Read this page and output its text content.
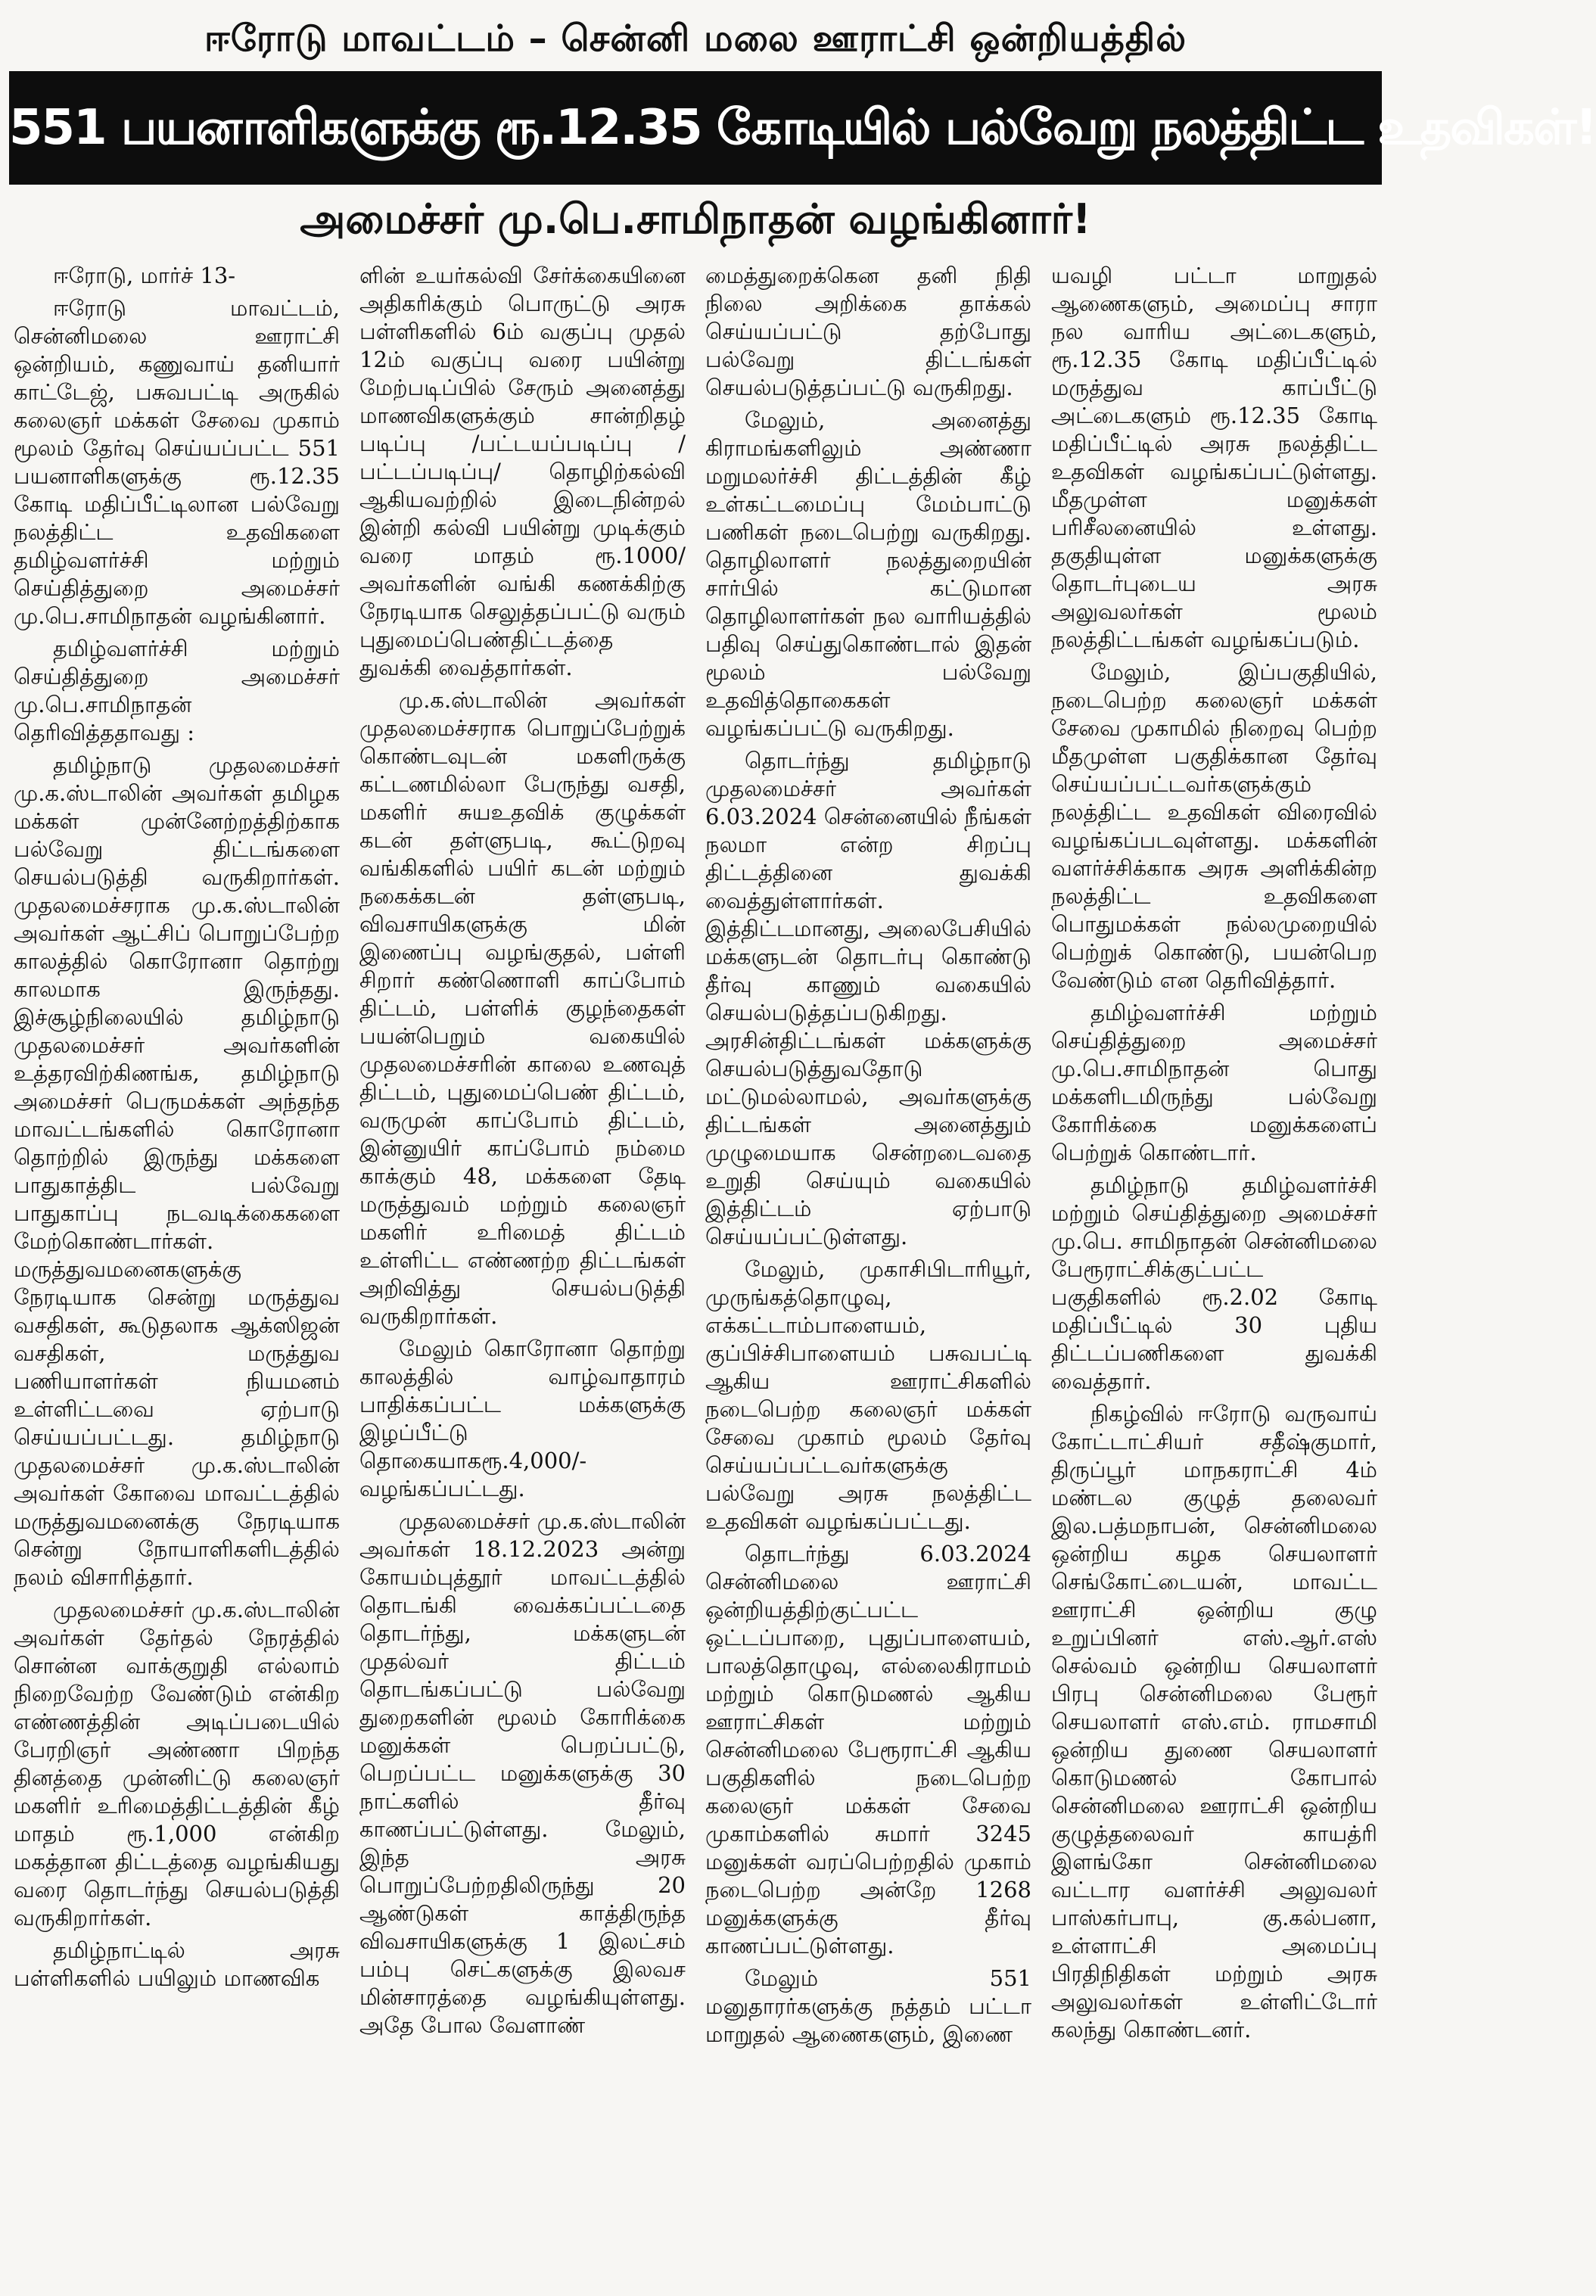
ஈரோடு மாவட்டம் – சென்னி மலை ஊராட்சி ஒன்றியத்தில்
551 பயனாளிகளுக்கு ரூ.12.35 கோடியில் பல்வேறு நலத்திட்ட உதவிகள்!
அமைச்சர் மு.பெ.சாமிநாதன் வழங்கினார்!

ஈரோடு, மார்ச் 13-

ஈரோடு மாவட்டம், சென்னிமலை ஊராட்சி ஒன்றியம், கணுவாய் தனியார் காட்டேஜ், பசுவபட்டி அருகில் கலைஞர் மக்கள் சேவை முகாம் மூலம் தேர்வு செய்யப்பட்ட 551 பயனாளிகளுக்கு ரூ.12.35 கோடி மதிப்பீட்டிலான பல்வேறு நலத்திட்ட உதவிகளை தமிழ்வளர்ச்சி மற்றும் செய்தித்துறை அமைச்சர் மு.பெ.சாமிநாதன் வழங்கினார்.

தமிழ்வளர்ச்சி மற்றும் செய்தித்துறை அமைச்சர் மு.பெ.சாமிநாதன் தெரிவித்ததாவது :

தமிழ்நாடு முதலமைச்சர் மு.க.ஸ்டாலின் அவர்கள் தமிழக மக்கள் முன்னேற்றத்திற்காக பல்வேறு திட்டங்களை செயல்படுத்தி வருகிறார்கள். முதலமைச்சராக மு.க.ஸ்டாலின் அவர்கள் ஆட்சிப் பொறுப்பேற்ற காலத்தில் கொரோனா தொற்று காலமாக இருந்தது. இச்சூழ்நிலையில் தமிழ்நாடு முதலமைச்சர் அவர்களின் உத்தரவிற்கிணங்க, தமிழ்நாடு அமைச்சர் பெருமக்கள் அந்தந்த மாவட்டங்களில் கொரோனா தொற்றில் இருந்து மக்களை பாதுகாத்திட பல்வேறு பாதுகாப்பு நடவடிக்கைகளை மேற்கொண்டார்கள். மருத்துவமனைகளுக்கு நேரடியாக சென்று மருத்துவ வசதிகள், கூடுதலாக ஆக்ஸிஜன் வசதிகள், மருத்துவ பணியாளர்கள் நியமனம் உள்ளிட்டவை ஏற்பாடு செய்யப்பட்டது. தமிழ்நாடு முதலமைச்சர் மு.க.ஸ்டாலின் அவர்கள் கோவை மாவட்டத்தில் மருத்துவமனைக்கு நேரடியாக சென்று நோயாளிகளிடத்தில் நலம் விசாரித்தார்.

முதலமைச்சர் மு.க.ஸ்டாலின் அவர்கள் தேர்தல் நேரத்தில் சொன்ன வாக்குறுதி எல்லாம் நிறைவேற்ற வேண்டும் என்கிற எண்ணத்தின் அடிப்படையில் பேரறிஞர் அண்ணா பிறந்த தினத்தை முன்னிட்டு கலைஞர் மகளிர் உரிமைத்திட்டத்தின் கீழ் மாதம் ரூ.1,000 என்கிற மகத்தான திட்டத்தை வழங்கியது வரை தொடர்ந்து செயல்படுத்தி வருகிறார்கள்.

தமிழ்நாட்டில் அரசு பள்ளிகளில் பயிலும் மாணவிக

ளின் உயர்கல்வி சேர்க்கையினை அதிகரிக்கும் பொருட்டு அரசு பள்ளிகளில் 6ம் வகுப்பு முதல் 12ம் வகுப்பு வரை பயின்று மேற்படிப்பில் சேரும் அனைத்து மாணவிகளுக்கும் சான்றிதழ் படிப்பு /பட்டயப்படிப்பு / பட்டப்படிப்பு/ தொழிற்கல்வி ஆகியவற்றில் இடைநின்றல் இன்றி கல்வி பயின்று முடிக்கும் வரை மாதம் ரூ.1000/ அவர்களின் வங்கி கணக்கிற்கு நேரடியாக செலுத்தப்பட்டு வரும் புதுமைப்பெண்திட்டத்தை துவக்கி வைத்தார்கள்.

மு.க.ஸ்டாலின் அவர்கள் முதலமைச்சராக பொறுப்பேற்றுக் கொண்டவுடன் மகளிருக்கு கட்டணமில்லா பேருந்து வசதி, மகளிர் சுயஉதவிக் குழுக்கள் கடன் தள்ளுபடி, கூட்டுறவு வங்கிகளில் பயிர் கடன் மற்றும் நகைக்கடன் தள்ளுபடி, விவசாயிகளுக்கு மின் இணைப்பு வழங்குதல், பள்ளி சிறார் கண்ணொளி காப்போம் திட்டம், பள்ளிக் குழந்தைகள் பயன்பெறும் வகையில் முதலமைச்சரின் காலை உணவுத் திட்டம், புதுமைப்பெண் திட்டம், வருமுன் காப்போம் திட்டம், இன்னுயிர் காப்போம் நம்மை காக்கும் 48, மக்களை தேடி மருத்துவம் மற்றும் கலைஞர் மகளிர் உரிமைத் திட்டம் உள்ளிட்ட எண்ணற்ற திட்டங்கள் அறிவித்து செயல்படுத்தி வருகிறார்கள்.

மேலும் கொரோனா தொற்று காலத்தில் வாழ்வாதாரம் பாதிக்கப்பட்ட மக்களுக்கு இழப்பீட்டு தொகையாகரூ.4,000/- வழங்கப்பட்டது.

முதலமைச்சர் மு.க.ஸ்டாலின் அவர்கள் 18.12.2023 அன்று கோயம்புத்தூர் மாவட்டத்தில் தொடங்கி வைக்கப்பட்டதை தொடர்ந்து, மக்களுடன் முதல்வர் திட்டம் தொடங்கப்பட்டு பல்வேறு துறைகளின் மூலம் கோரிக்கை மனுக்கள் பெறப்பட்டு, பெறப்பட்ட மனுக்களுக்கு 30 நாட்களில் தீர்வு காணப்பட்டுள்ளது. மேலும், இந்த அரசு பொறுப்பேற்றதிலிருந்து 20 ஆண்டுகள் காத்திருந்த விவசாயிகளுக்கு 1 இலட்சம் பம்பு செட்களுக்கு இலவச மின்சாரத்தை வழங்கியுள்ளது. அதே போல வேளாண்

மைத்துறைக்கென தனி நிதி நிலை அறிக்கை தாக்கல் செய்யப்பட்டு தற்போது பல்வேறு திட்டங்கள் செயல்படுத்தப்பட்டு வருகிறது.

மேலும், அனைத்து கிராமங்களிலும் அண்ணா மறுமலர்ச்சி திட்டத்தின் கீழ் உள்கட்டமைப்பு மேம்பாட்டு பணிகள் நடைபெற்று வருகிறது. தொழிலாளர் நலத்துறையின் சார்பில் கட்டுமான தொழிலாளர்கள் நல வாரியத்தில் பதிவு செய்துகொண்டால் இதன் மூலம் பல்வேறு உதவித்தொகைகள் வழங்கப்பட்டு வருகிறது.

தொடர்ந்து தமிழ்நாடு முதலமைச்சர் அவர்கள் 6.03.2024 சென்னையில் நீங்கள் நலமா என்ற சிறப்பு திட்டத்தினை துவக்கி வைத்துள்ளார்கள். இத்திட்டமானது, அலைபேசியில் மக்களுடன் தொடர்பு கொண்டு தீர்வு காணும் வகையில் செயல்படுத்தப்படுகிறது. அரசின்திட்டங்கள் மக்களுக்கு செயல்படுத்துவதோடு மட்டுமல்லாமல், அவர்களுக்கு திட்டங்கள் அனைத்தும் முழுமையாக சென்றடைவதை உறுதி செய்யும் வகையில் இத்திட்டம் ஏற்பாடு செய்யப்பட்டுள்ளது.

மேலும், முகாசிபிடாரியூர், முருங்கத்தொழுவு, எக்கட்டாம்பாளையம், குப்பிச்சிபாளையம் பசுவபட்டி ஆகிய ஊராட்சிகளில் நடைபெற்ற கலைஞர் மக்கள் சேவை முகாம் மூலம் தேர்வு செய்யப்பட்டவர்களுக்கு பல்வேறு அரசு நலத்திட்ட உதவிகள் வழங்கப்பட்டது.

தொடர்ந்து 6.03.2024 சென்னிமலை ஊராட்சி ஒன்றியத்திற்குட்பட்ட ஒட்டப்பாறை, புதுப்பாளையம், பாலத்தொழுவு, எல்லைகிராமம் மற்றும் கொடுமணல் ஆகிய ஊராட்சிகள் மற்றும் சென்னிமலை பேரூராட்சி ஆகிய பகுதிகளில் நடைபெற்ற கலைஞர் மக்கள் சேவை முகாம்களில் சுமார் 3245 மனுக்கள் வரப்பெற்றதில் முகாம் நடைபெற்ற அன்றே 1268 மனுக்களுக்கு தீர்வு காணப்பட்டுள்ளது.

மேலும் 551 மனுதாரர்களுக்கு நத்தம் பட்டா மாறுதல் ஆணைகளும், இணை

யவழி பட்டா மாறுதல் ஆணைகளும், அமைப்பு சாரா நல வாரிய அட்டைகளும், ரூ.12.35 கோடி மதிப்பீட்டில் மருத்துவ காப்பீட்டு அட்டைகளும் ரூ.12.35 கோடி மதிப்பீட்டில் அரசு நலத்திட்ட உதவிகள் வழங்கப்பட்டுள்ளது. மீதமுள்ள மனுக்கள் பரிசீலனையில் உள்ளது. தகுதியுள்ள மனுக்களுக்கு தொடர்புடைய அரசு அலுவலர்கள் மூலம் நலத்திட்டங்கள் வழங்கப்படும்.

மேலும், இப்பகுதியில், நடைபெற்ற கலைஞர் மக்கள் சேவை முகாமில் நிறைவு பெற்ற மீதமுள்ள பகுதிக்கான தேர்வு செய்யப்பட்டவர்களுக்கும் நலத்திட்ட உதவிகள் விரைவில் வழங்கப்படவுள்ளது. மக்களின் வளர்ச்சிக்காக அரசு அளிக்கின்ற நலத்திட்ட உதவிகளை பொதுமக்கள் நல்லமுறையில் பெற்றுக் கொண்டு, பயன்பெற வேண்டும் என தெரிவித்தார்.

தமிழ்வளர்ச்சி மற்றும் செய்தித்துறை அமைச்சர் மு.பெ.சாமிநாதன் பொது மக்களிடமிருந்து பல்வேறு கோரிக்கை மனுக்களைப் பெற்றுக் கொண்டார்.

தமிழ்நாடு தமிழ்வளர்ச்சி மற்றும் செய்தித்துறை அமைச்சர் மு.பெ. சாமிநாதன் சென்னிமலை பேரூராட்சிக்குட்பட்ட பகுதிகளில் ரூ.2.02 கோடி மதிப்பீட்டில் 30 புதிய திட்டப்பணிகளை துவக்கி வைத்தார்.

நிகழ்வில் ஈரோடு வருவாய் கோட்டாட்சியர் சதீஷ்குமார், திருப்பூர் மாநகராட்சி 4ம் மண்டல குழுத் தலைவர் இல.பத்மநாபன், சென்னிமலை ஒன்றிய கழக செயலாளர் செங்கோட்டையன், மாவட்ட ஊராட்சி ஒன்றிய குழு உறுப்பினர் எஸ்.ஆர்.எஸ் செல்வம் ஒன்றிய செயலாளர் பிரபு சென்னிமலை பேரூர் செயலாளர் எஸ்.எம். ராமசாமி ஒன்றிய துணை செயலாளர் கொடுமணல் கோபால் சென்னிமலை ஊராட்சி ஒன்றிய குழுத்தலைவர் காயத்ரி இளங்கோ சென்னிமலை வட்டார வளர்ச்சி அலுவலர் பாஸ்கர்பாபு, கு.கல்பனா, உள்ளாட்சி அமைப்பு பிரதிநிதிகள் மற்றும் அரசு அலுவலர்கள் உள்ளிட்டோர் கலந்து கொண்டனர்.
